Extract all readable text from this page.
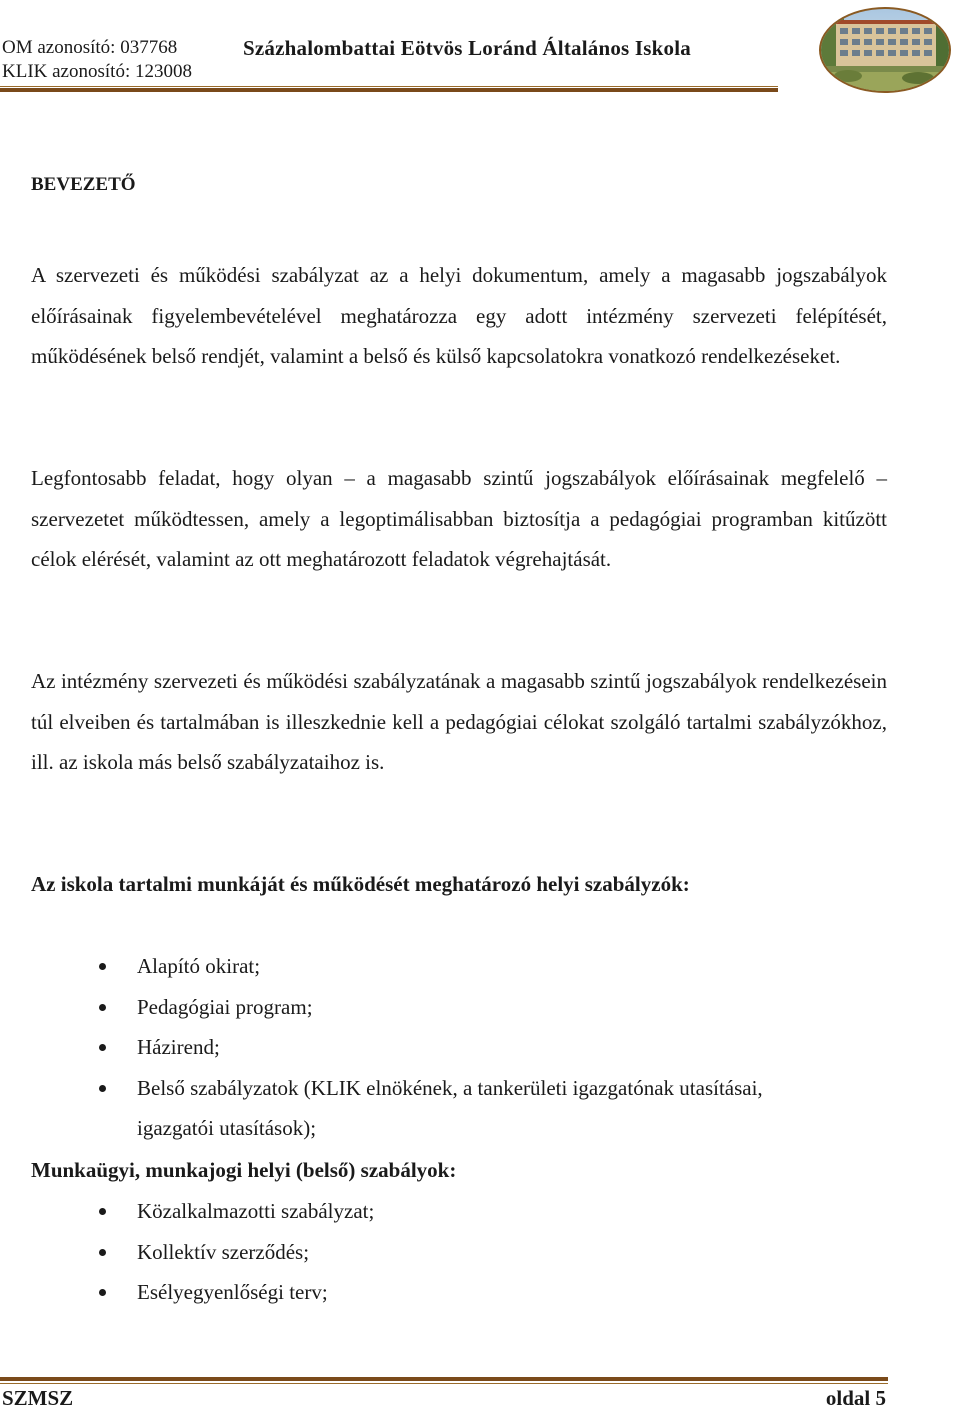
OM azonosító: 037768
KLIK azonosító: 123008
Százhalombattai Eötvös Loránd Általános Iskola
BEVEZETŐ

A szervezeti és működési szabályzat az a helyi dokumentum, amely a magasabb jogszabályok előírásainak figyelembevételével meghatározza egy adott intézmény szervezeti felépítését, működésének belső rendjét, valamint a belső és külső kapcsolatokra vonatkozó rendelkezéseket.

Legfontosabb feladat, hogy olyan – a magasabb szintű jogszabályok előírásainak megfelelő – szervezetet működtessen, amely a legoptimálisabban biztosítja a pedagógiai programban kitűzött célok elérését, valamint az ott meghatározott feladatok végrehajtását.

Az intézmény szervezeti és működési szabályzatának a magasabb szintű jogszabályok rendelkezésein túl elveiben és tartalmában is illeszkednie kell a pedagógiai célokat szolgáló tartalmi szabályzókhoz, ill. az iskola más belső szabályzataihoz is.

Az iskola tartalmi munkáját és működését meghatározó helyi szabályzók:

Alapító okirat;
Pedagógiai program;
Házirend;
Belső szabályzatok (KLIK elnökének, a tankerületi igazgatónak utasításai, igazgatói utasítások);

Munkaügyi, munkajogi helyi (belső) szabályok:

Közalkalmazotti szabályzat;
Kollektív szerződés;
Esélyegyenlőségi terv;
SZMSZ	oldal 5
